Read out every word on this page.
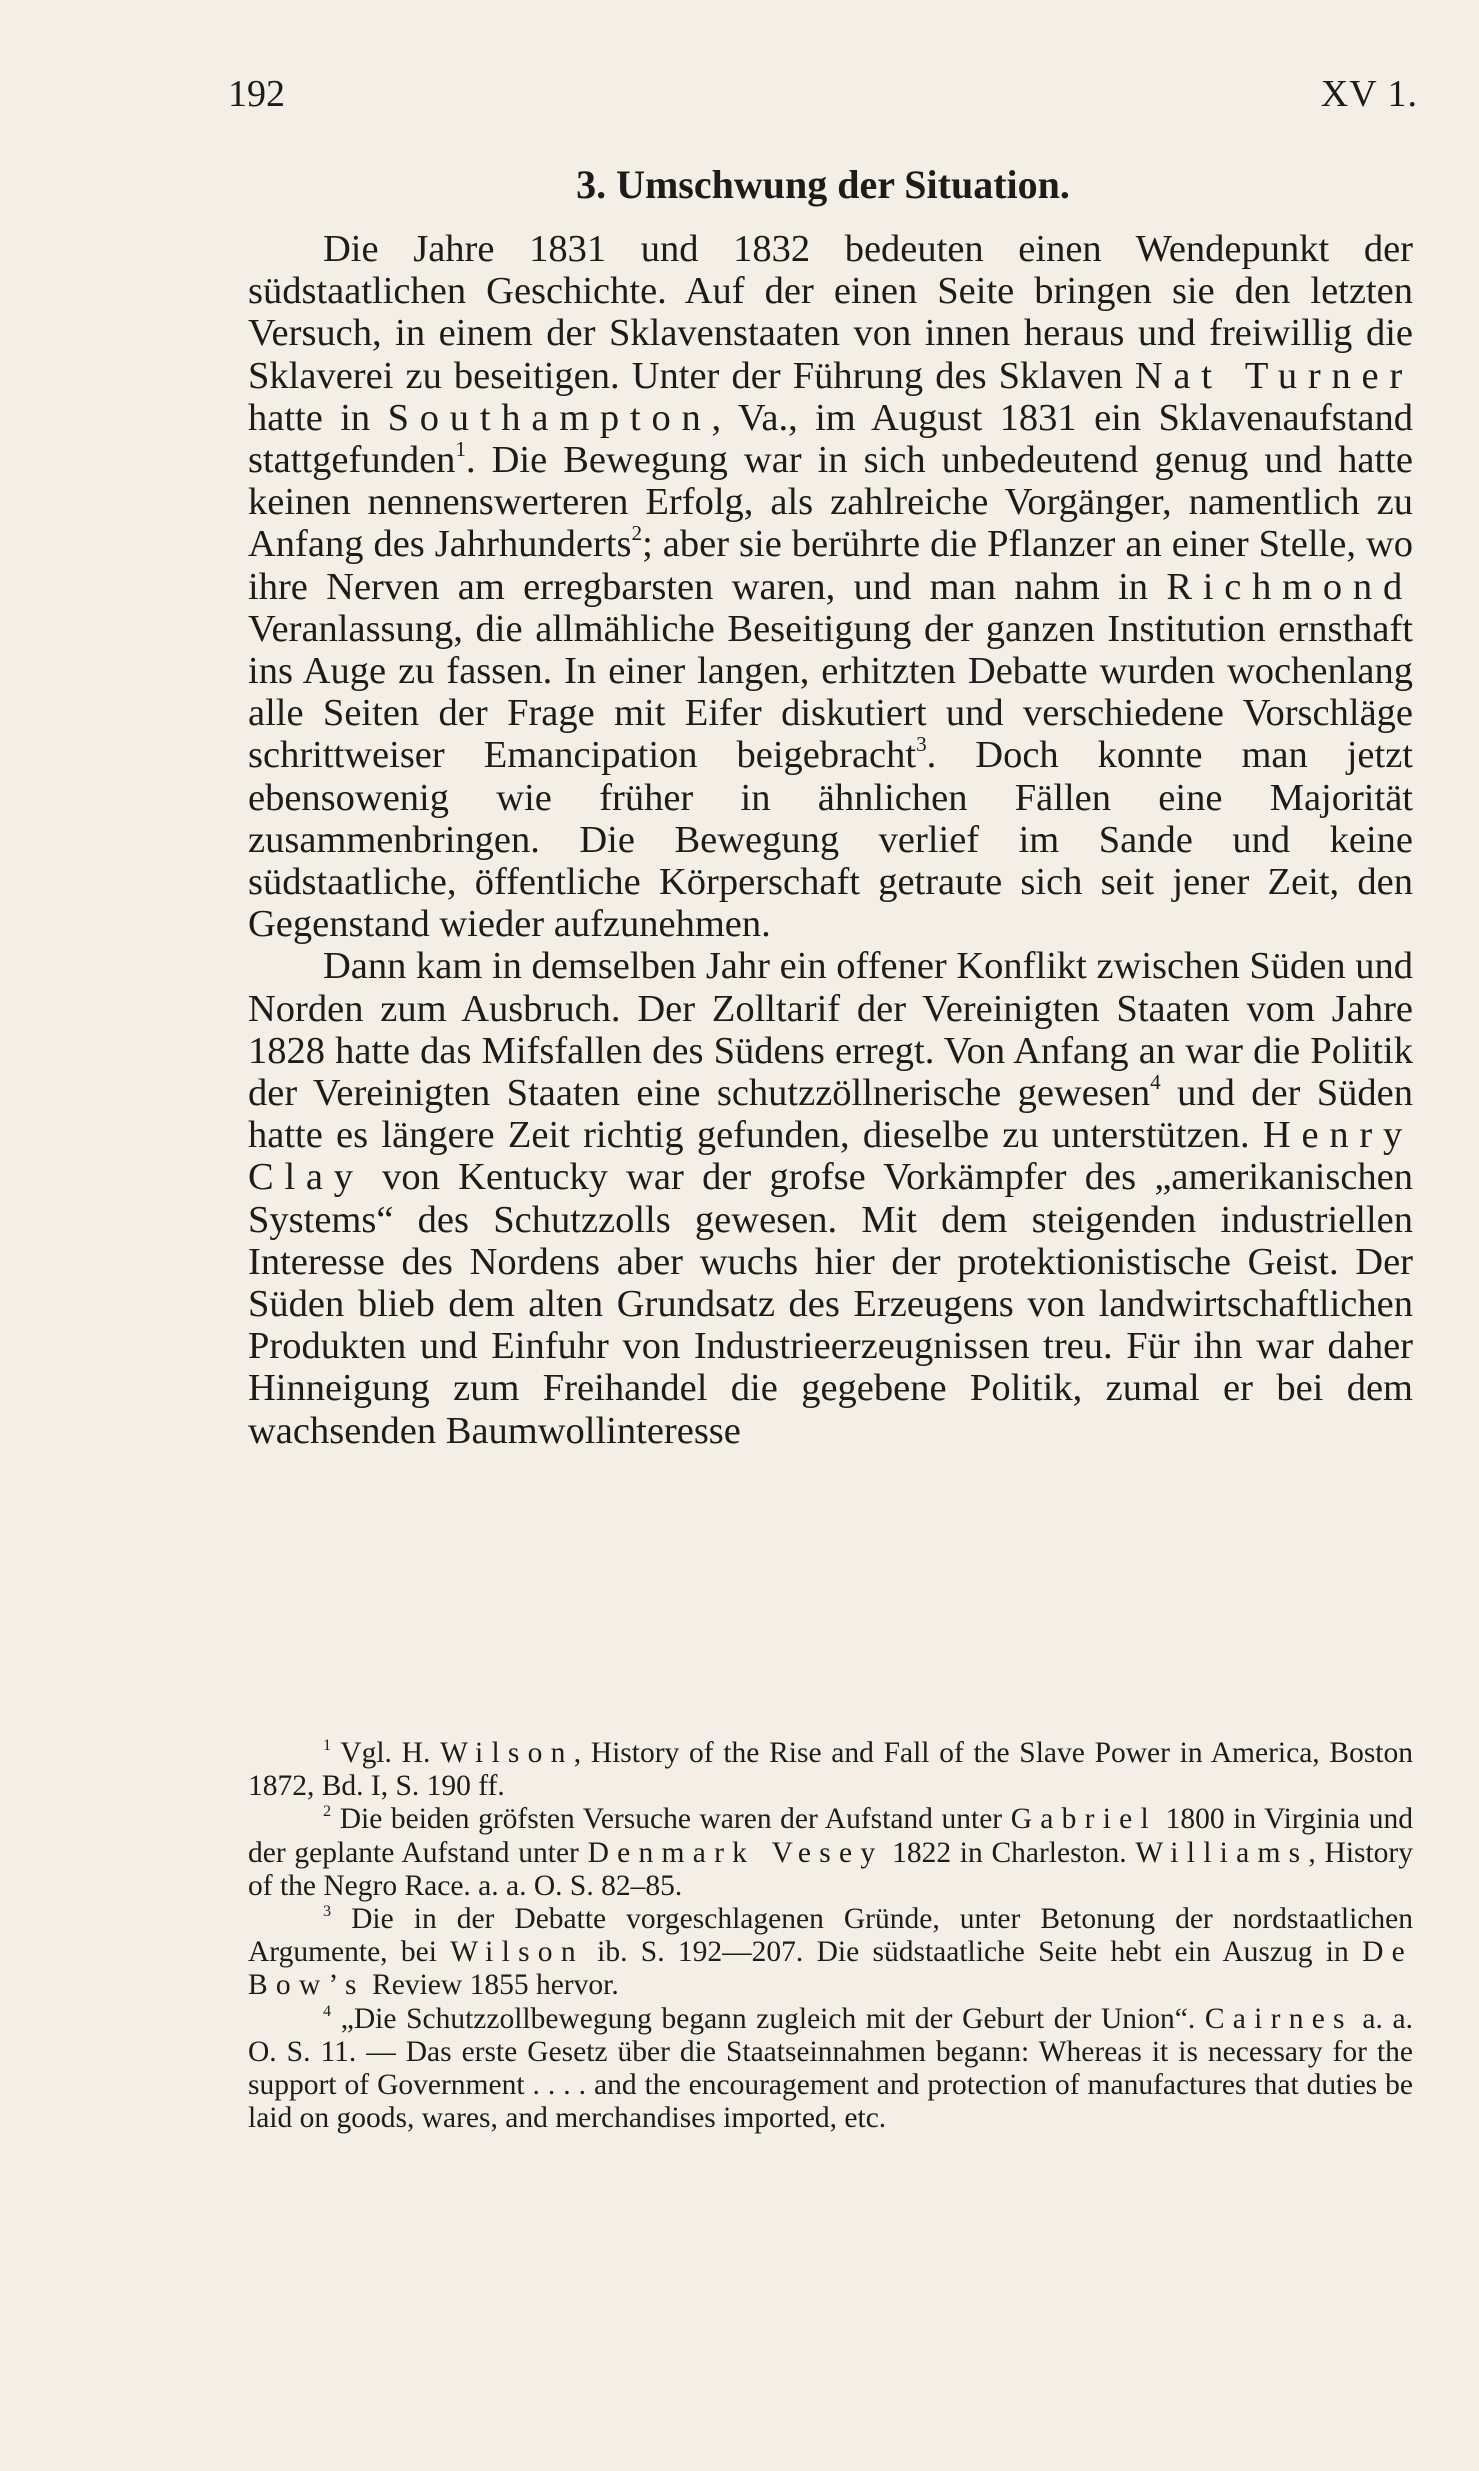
192	XV 1.
3. Umschwung der Situation.

Die Jahre 1831 und 1832 bedeuten einen Wendepunkt der südstaatlichen Geschichte. Auf der einen Seite bringen sie den letzten Versuch, in einem der Sklavenstaaten von innen heraus und freiwillig die Sklaverei zu beseitigen. Unter der Führung des Sklaven Nat Turner hatte in Southampton, Va., im August 1831 ein Sklavenaufstand stattgefunden$^1$. Die Bewegung war in sich unbedeutend genug und hatte keinen nennenswerteren Erfolg, als zahlreiche Vorgänger, namentlich zu Anfang des Jahrhunderts$^2$; aber sie berührte die Pflanzer an einer Stelle, wo ihre Nerven am erregbarsten waren, und man nahm in Richmond Veranlassung, die allmähliche Beseitigung der ganzen Institution ernsthaft ins Auge zu fassen. In einer langen, erhitzten Debatte wurden wochenlang alle Seiten der Frage mit Eifer diskutiert und verschiedene Vorschläge schrittweiser Emancipation beigebracht$^3$. Doch konnte man jetzt ebensowenig wie früher in ähnlichen Fällen eine Majorität zusammenbringen. Die Bewegung verlief im Sande und keine südstaatliche, öffentliche Körperschaft getraute sich seit jener Zeit, den Gegenstand wieder aufzunehmen.

Dann kam in demselben Jahr ein offener Konflikt zwischen Süden und Norden zum Ausbruch. Der Zolltarif der Vereinigten Staaten vom Jahre 1828 hatte das Mifsfallen des Südens erregt. Von Anfang an war die Politik der Vereinigten Staaten eine schutzzöllnerische gewesen$^4$ und der Süden hatte es längere Zeit richtig gefunden, dieselbe zu unterstützen. Henry Clay von Kentucky war der grofse Vorkämpfer des „amerikanischen Systems“ des Schutzzolls gewesen. Mit dem steigenden industriellen Interesse des Nordens aber wuchs hier der protektionistische Geist. Der Süden blieb dem alten Grundsatz des Erzeugens von landwirtschaftlichen Produkten und Einfuhr von Industrieerzeugnissen treu. Für ihn war daher Hinneigung zum Freihandel die gegebene Politik, zumal er bei dem wachsenden Baumwollinteresse

$^1$ Vgl. H. Wilson, History of the Rise and Fall of the Slave Power in America, Boston 1872, Bd. I, S. 190 ff.

$^2$ Die beiden gröfsten Versuche waren der Aufstand unter Gabriel 1800 in Virginia und der geplante Aufstand unter Denmark Vesey 1822 in Charleston. Williams, History of the Negro Race. a. a. O. S. 82–85.

$^3$ Die in der Debatte vorgeschlagenen Gründe, unter Betonung der nordstaatlichen Argumente, bei Wilson ib. S. 192—207. Die südstaatliche Seite hebt ein Auszug in De Bow’s Review 1855 hervor.

$^4$ „Die Schutzzollbewegung begann zugleich mit der Geburt der Union“. Cairnes a. a. O. S. 11. — Das erste Gesetz über die Staatseinnahmen begann: Whereas it is necessary for the support of Government . . . . and the encouragement and protection of manufactures that duties be laid on goods, wares, and merchandises imported, etc.
